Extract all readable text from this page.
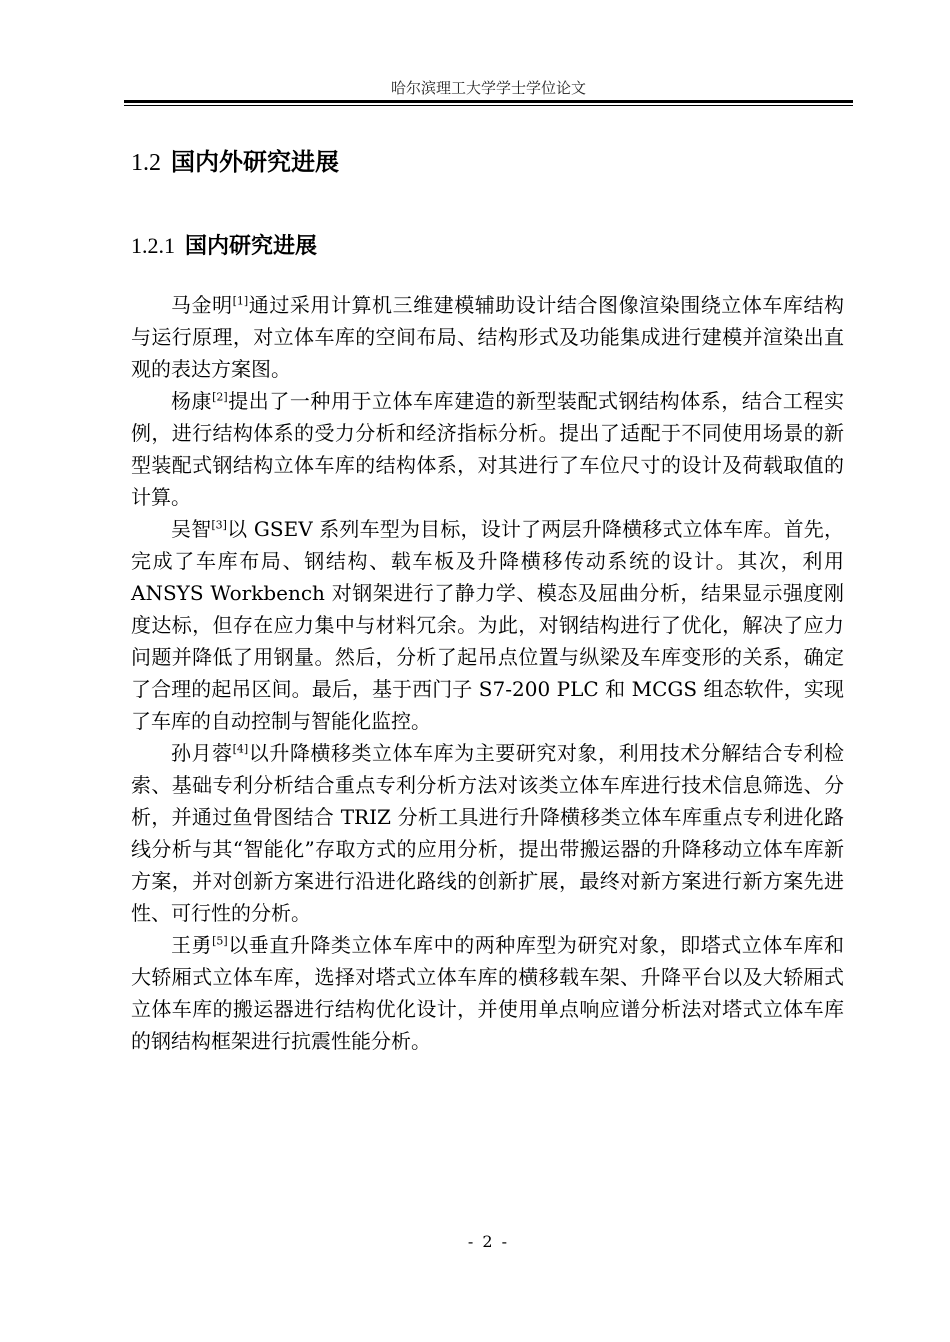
哈尔滨理工大学学士学位论文
1.2 国内外研究进展
1.2.1 国内研究进展

马金明[1]通过采用计算机三维建模辅助设计结合图像渲染围绕立体车库结构与运行原理，对立体车库的空间布局、结构形式及功能集成进行建模并渲染出直观的表达方案图。

杨康[2]提出了一种用于立体车库建造的新型装配式钢结构体系，结合工程实例，进行结构体系的受力分析和经济指标分析。提出了适配于不同使用场景的新型装配式钢结构立体车库的结构体系，对其进行了车位尺寸的设计及荷载取值的计算。

吴智[3]以 GSEV 系列车型为目标，设计了两层升降横移式立体车库。首先，完成了车库布局、钢结构、载车板及升降横移传动系统的设计。其次，利用 ANSYS Workbench 对钢架进行了静力学、模态及屈曲分析，结果显示强度刚度达标，但存在应力集中与材料冗余。为此，对钢结构进行了优化，解决了应力问题并降低了用钢量。然后，分析了起吊点位置与纵梁及车库变形的关系，确定了合理的起吊区间。最后，基于西门子 S7-200 PLC 和 MCGS 组态软件，实现了车库的自动控制与智能化监控。

孙月蓉[4]以升降横移类立体车库为主要研究对象，利用技术分解结合专利检索、基础专利分析结合重点专利分析方法对该类立体车库进行技术信息筛选、分析，并通过鱼骨图结合 TRIZ 分析工具进行升降横移类立体车库重点专利进化路线分析与其“智能化”存取方式的应用分析，提出带搬运器的升降移动立体车库新方案，并对创新方案进行沿进化路线的创新扩展，最终对新方案进行新方案先进性、可行性的分析。

王勇[5]以垂直升降类立体车库中的两种库型为研究对象，即塔式立体车库和大轿厢式立体车库，选择对塔式立体车库的横移载车架、升降平台以及大轿厢式立体车库的搬运器进行结构优化设计，并使用单点响应谱分析法对塔式立体车库的钢结构框架进行抗震性能分析。

- 2 -
